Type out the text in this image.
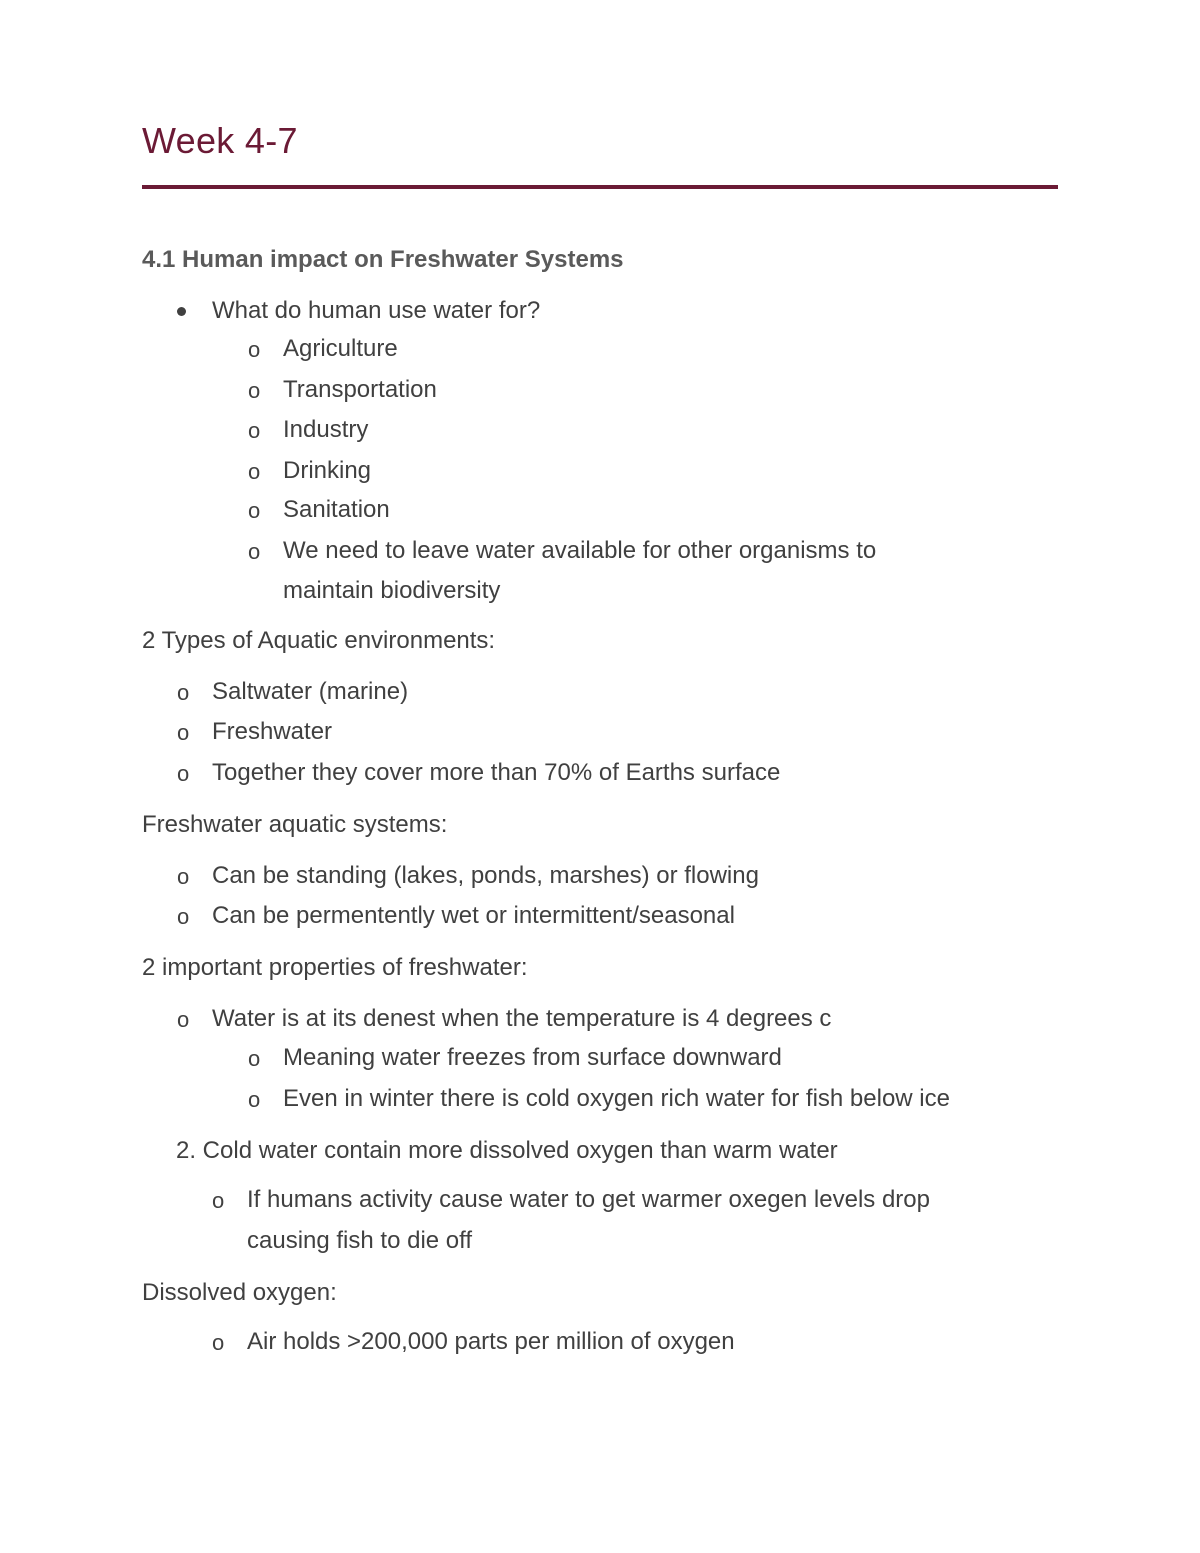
Week 4-7
4.1 Human impact on Freshwater Systems
What do human use water for?
o Agriculture
o Transportation
o Industry
o Drinking
o Sanitation
o We need to leave water available for other organisms to
maintain biodiversity
2 Types of Aquatic environments:
o Saltwater (marine)
o Freshwater
o Together they cover more than 70% of Earths surface
Freshwater aquatic systems:
o Can be standing (lakes, ponds, marshes) or flowing
o Can be permentently wet or intermittent/seasonal
2 important properties of freshwater:
o Water is at its denest when the temperature is 4 degrees c
o Meaning water freezes from surface downward
o Even in winter there is cold oxygen rich water for fish below ice
2. Cold water contain more dissolved oxygen than warm water
o If humans activity cause water to get warmer oxegen levels drop
causing fish to die off
Dissolved oxygen:
o Air holds >200,000 parts per million of oxygen
